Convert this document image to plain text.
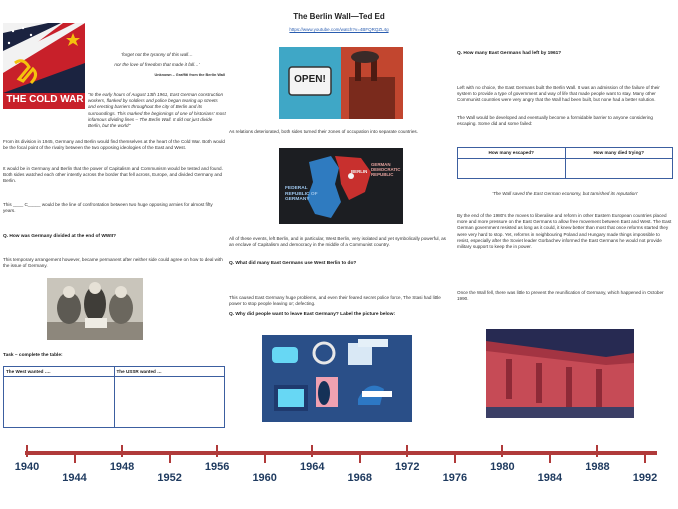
The Berlin Wall—Ted Ed
https://www.youtube.com/watch?v=4BFQRQZL4g
THE COLD WAR
'forget not the tyranny of this wall…
nor the love of freedom that made it fall…'
Unknown – Graffiti from the Berlin Wall
"In the early hours of August 13th 1961, East German construction workers, flanked by soldiers and police began tearing up streets and erecting barriers throughout the city of Berlin and its surroundings. This marked the beginnings of one of historians' most infamous dividing lines – The Berlin Wall. It did not just divide Berlin, but the world"
From its division in 1945, Germany and Berlin would find themselves at the heart of the Cold War. Both would be the focal point of the rivalry between the two opposing ideologies of the East and West.
It would be in Germany and Berlin that the power of Capitalism and Communism would be tested and found. Both sides watched each other intently across the border that fell across, Europe, and divided Germany and Berlin.
This ____ C_____ would be the line of confrontation between two huge opposing armies for almost fifty years.
Q. How was Germany divided at the end of WWII?
This temporary arrangement however, became permanent after neither side could agree on how to deal with the issue of Germany.
Task – complete the table:
The West wanted ….	The USSR wanted …

OPEN!
As relations deteriorated, both sides turned their zones of occupation into separate countries.
FEDERAL REPUBLIC OF GERMANY
GERMAN DEMOCRATIC REPUBLIC
BERLIN
All of these events, left Berlin, and in particular, West Berlin, very isolated and yet symbolically powerful, as an enclave of Capitalism and democracy in the middle of a Communist country.
Q. What did many East Germans use West Berlin to do?
This caused East Germany huge problems, and even their feared secret police force, The Stasi had little power to stop people leaving or; defecting.
Q. Why did people want to leave East Germany? Label the picture below:
Q. How many East Germans had left by 1961?
Left with no choice, the East Germans built the Berlin Wall. It was an admission of the failure of their system to provide a type of government and way of life that made people want to stay. Many other Communist countries were very angry that the Wall had been built, but none had a better solution.
The Wall would be developed and eventually become a formidable barrier to anyone considering escaping. Some did and some failed:
How many escaped?	How many died trying?

'The Wall saved the East German economy, but tarnished its reputation'
By the end of the 1980's the moves to liberalise and reform in other Eastern European countries placed more and more pressure on the East Germans to allow free movement between East and West. The East German government resisted as long as it could, it knew better than most that once reforms started they were very hard to stop. Yet, reforms in neighbouring Poland and Hungary made things impossible to resist, especially after the Soviet leader Gorbachev informed the East Germans he would not provide military support to keep the in power.
Once the Wall fell, there was little to prevent the reunification of Germany, which happened in October 1990.
1940
1944
1948
1952
1956
1960
1964
1968
1972
1976
1980
1984
1988
1992
